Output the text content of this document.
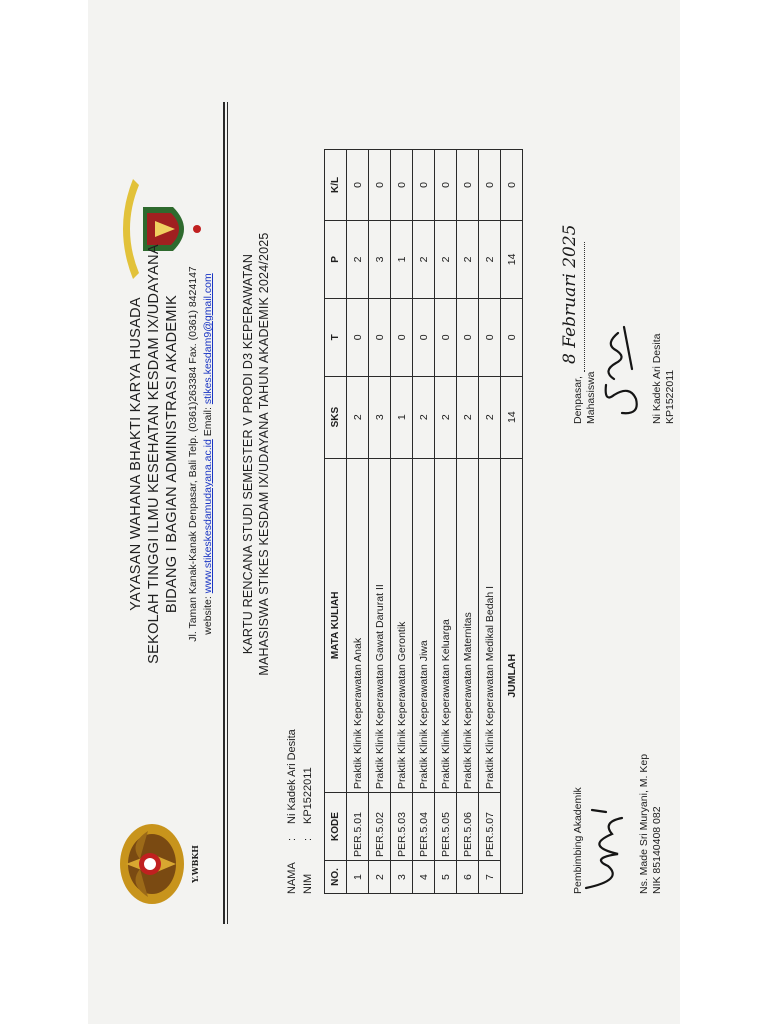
Y.WBKH
YAYASAN WAHANA BHAKTI KARYA HUSADA SEKOLAH TINGGI ILMU KESEHATAN KESDAM IX/UDAYANA BIDANG I BAGIAN ADMINISTRASI AKADEMIK Jl. Taman Kanak-Kanak Denpasar, Bali Telp. (0361)263384 Fax. (0361) 8424147 website: www.stikeskesdamudayana.ac.id Email: stikes.kesdam9@gmail.com KARTU RENCANA STUDI SEMESTER V PRODI D3 KEPERAWATAN MAHASISWA STIKES KESDAM IX/UDAYANA TAHUN AKADEMIK 2024/2025
NAMA
:
Ni Kadek Ari Desita
NIM
:
KP1522011
NO.	KODE	MATA KULIAH	SKS	T	P	K/L
1	PER.5.01	Praktik Klinik Keperawatan Anak	2	0	2	0
2	PER.5.02	Praktik Klinik Keperawatan Gawat Darurat II	3	0	3	0
3	PER.5.03	Praktik Klinik Keperawatan Gerontik	1	0	1	0
4	PER.5.04	Praktik Klinik Keperawatan Jiwa	2	0	2	0
5	PER.5.05	Praktik Klinik Keperawatan Keluarga	2	0	2	0
6	PER.5.06	Praktik Klinik Keperawatan Maternitas	2	0	2	0
7	PER.5.07	Praktik Klinik Keperawatan Medikal Bedah I	2	0	2	0
JUMLAH			14	0	14	0
Pembimbing Akademik	Ns. Made Sri Muryani, M. Kep NIK 85140408 082
Denpasar,
8 Februari 2025
Mahasiswa	Ni Kadek Ari Desita KP1522011
